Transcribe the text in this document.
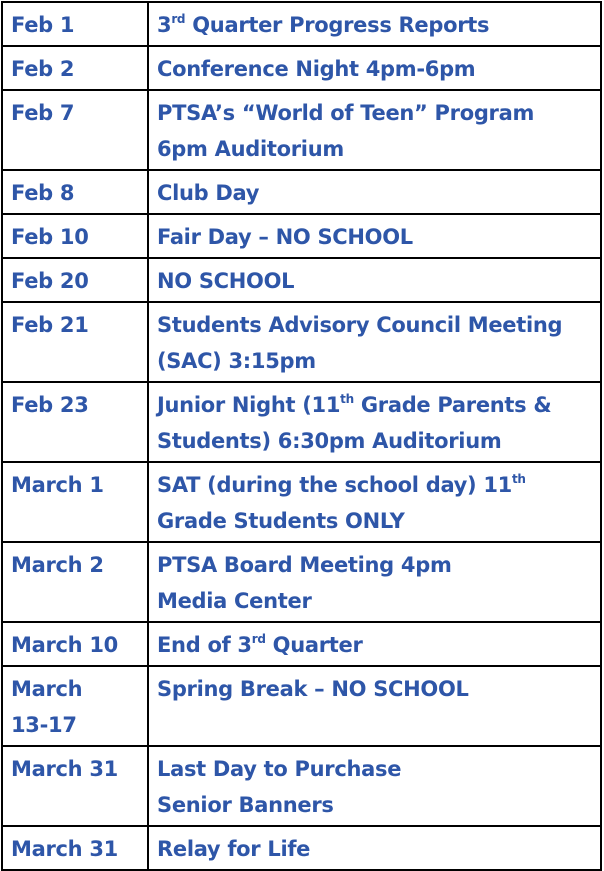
Feb 1	3rd Quarter Progress Reports

Feb 2	Conference Night 4pm-6pm

Feb 7	PTSA’s “World of Teen” Program
6pm Auditorium

Feb 8	Club Day

Feb 10	Fair Day – NO SCHOOL

Feb 20	NO SCHOOL

Feb 21	Students Advisory Council Meeting
(SAC) 3:15pm

Feb 23	Junior Night (11th Grade Parents &
Students) 6:30pm Auditorium

March 1	SAT (during the school day) 11th
Grade Students ONLY

March 2	PTSA Board Meeting 4pm
Media Center

March 10	End of 3rd Quarter

March
13-17	Spring Break – NO SCHOOL

March 31	Last Day to Purchase
Senior Banners

March 31	Relay for Life
